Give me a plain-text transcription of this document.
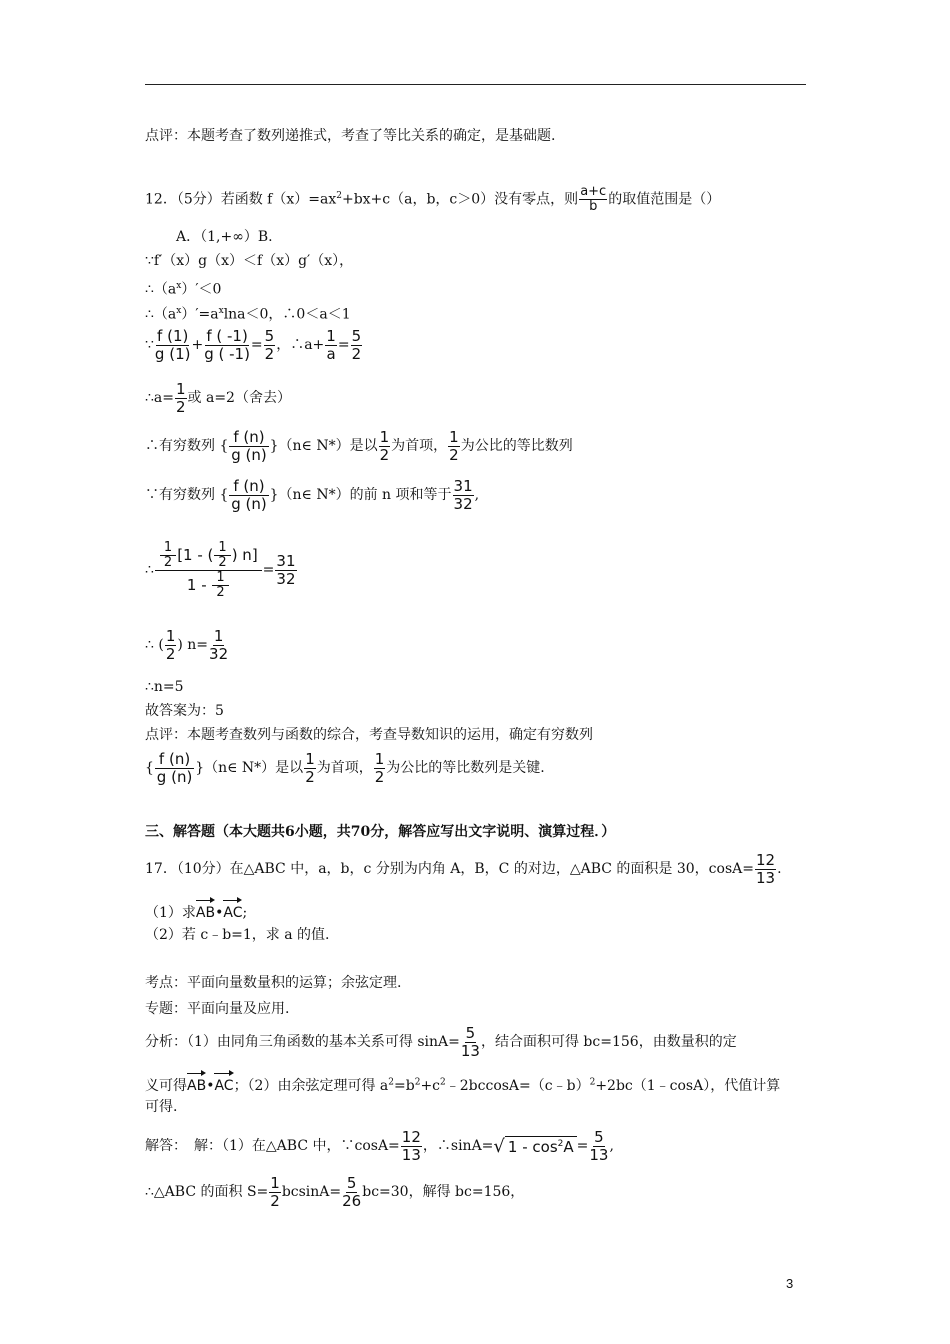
点评：本题考查了数列递推式，考查了等比关系的确定，是基础题.
12．（5分）若函数 $f(x)=ax^2+bx+c(a$，b，c＞0）没有零点，则 $\frac{a+c}{b}$ 的取值范围是（）
A．（1,+∞）B.
∵f′（x）g（x）＜f（x）g′（x），
$\therefore(a^x)'<0$
$\therefore(a^x)'=a^x\ln a<0$，∴0＜a＜1
∵ $\frac{f (1)}{g (1)} + \frac{f ( -1)}{g ( -1)} = \frac{5}{2}$ ，∴a+ $\frac{1}{a} = \frac{5}{2}$
∴a= $\frac{1}{2}$ 或 a=2（舍去）
∴有穷数列 { $\frac{f (n)}{g (n)}$ }（n∈ N*）是以 $\frac{1}{2}$ 为首项， $\frac{1}{2}$ 为公比的等比数列
∵有穷数列 { $\frac{f (n)}{g (n)}$ }（n∈ N*）的前 n 项和等于 $\frac{31}{32}$ ,
∴ $\frac{\frac{1}{2} [1 - ( \frac{1}{2} ) n]}{1 - \frac{1}{2}} = \frac{31}{32}$
∴ ( $\frac{1}{2}$ ) $n= \frac{1}{32}$
∴n=5
故答案为：5
点评：本题考查数列与函数的综合，考查导数知识的运用，确定有穷数列
{ $\frac{f (n)}{g (n)}$ }（n∈ N*）是以 $\frac{1}{2}$ 为首项， $\frac{1}{2}$ 为公比的等比数列是关键.
三、解答题（本大题共6小题，共70分，解答应写出文字说明、演算过程．）
17．（10分）在△ABC 中，a，b，c 分别为内角 A，B，C 的对边，△ABC 的面积是 30，$\cos A= \frac{12}{13}$ .
（1）求AB•AC;
（2）若 c﹣b=1，求 a 的值.
考点：平面向量数量积的运算；余弦定理.
专题：平面向量及应用.
分析：（1）由同角三角函数的基本关系可得 $\sin A= \frac{5}{13}$ ，结合面积可得 bc=156，由数量积的定
义可得AB•AC；（2）由余弦定理可得 $a^2=b^2+c^2﹣2bccosA=(c﹣b)^2+2bc(1﹣\cos A)$，代值计算
可得.
解答：　解：（1）在△ABC 中，∵cosA= $\frac{12}{13}$ ，∴sinA=√ $1 - \cos^2A = \frac{5}{13}$ ,
∴△ABC 的面积 $S= \frac{1}{2} bcsinA= \frac{5}{26} bc=30$，解得 bc=156，
3
